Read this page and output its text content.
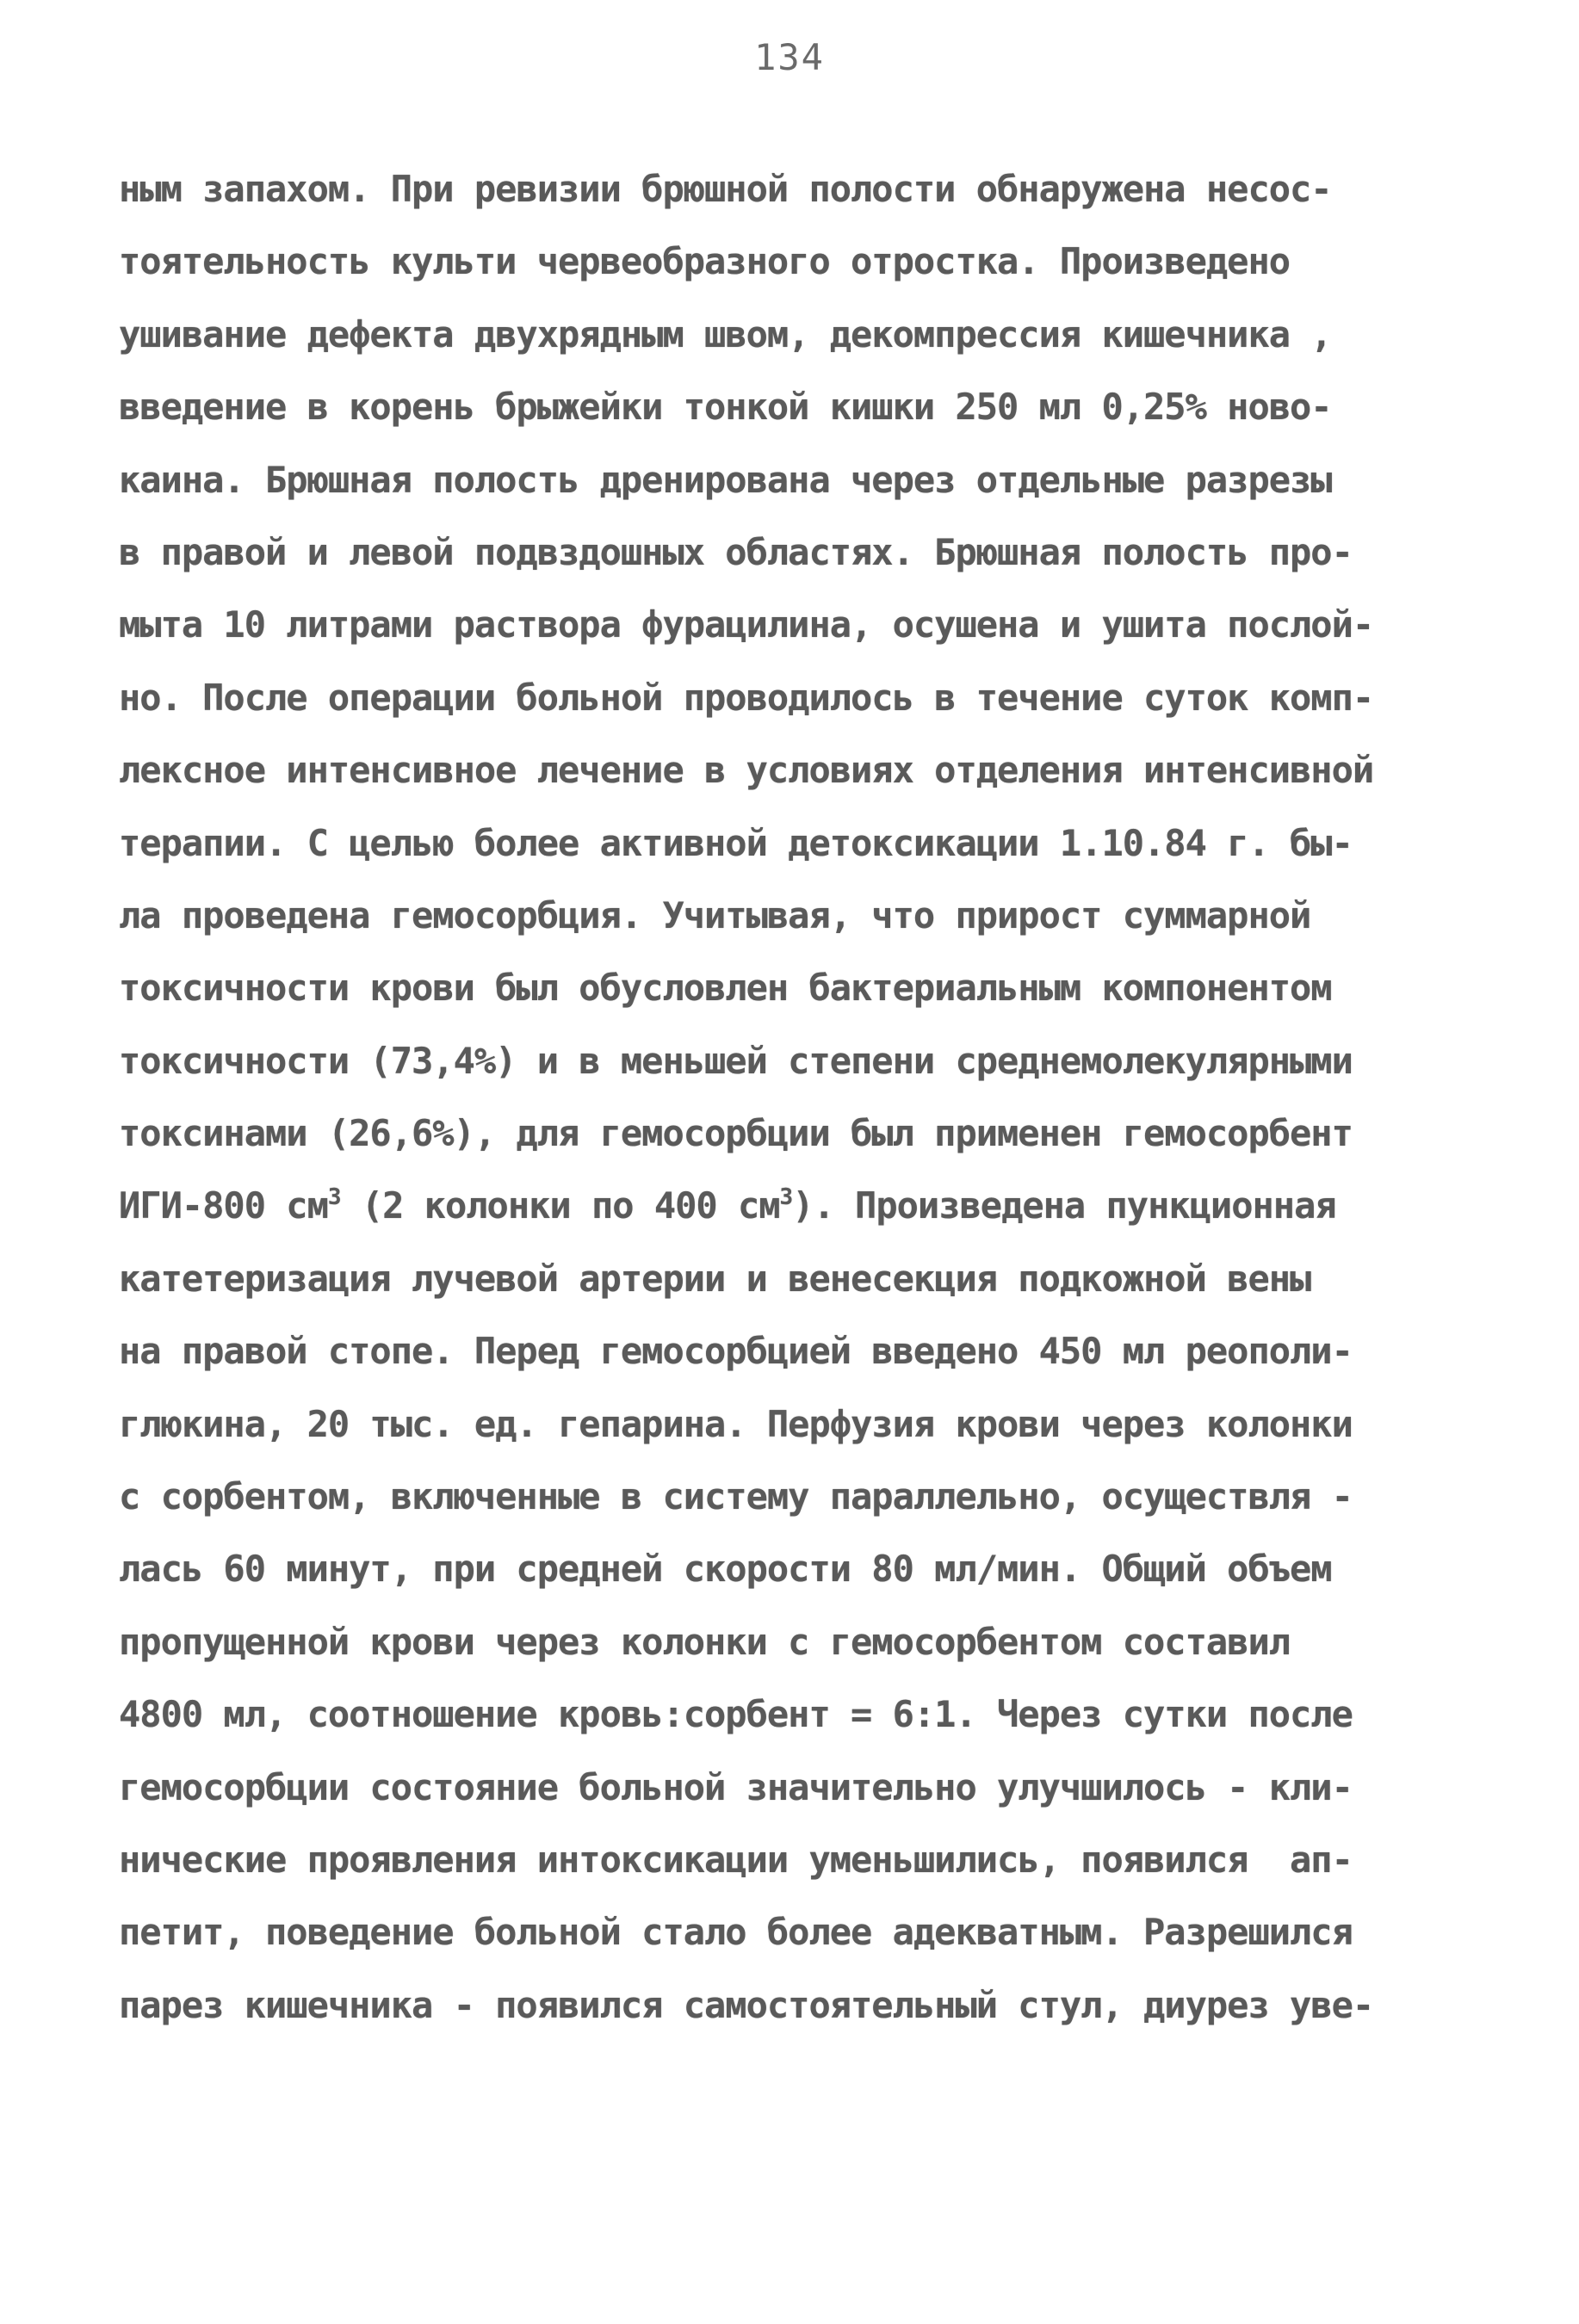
134
ным запахом. При ревизии брюшной полости обнаружена несос-
тоятельность культи червеобразного отростка. Произведено
ушивание дефекта двухрядным швом, декомпрессия кишечника ,
введение в корень брыжейки тонкой кишки 250 мл 0,25% ново-
каина. Брюшная полость дренирована через отдельные разрезы
в правой и левой подвздошных областях. Брюшная полость про-
мыта 10 литрами раствора фурацилина, осушена и ушита послой-
но. После операции больной проводилось в течение суток комп-
лексное интенсивное лечение в условиях отделения интенсивной
терапии. С целью более активной детоксикации 1.10.84 г. бы-
ла проведена гемосорбция. Учитывая, что прирост суммарной
токсичности крови был обусловлен бактериальным компонентом
токсичности (73,4%) и в меньшей степени среднемолекулярными
токсинами (26,6%), для гемосорбции был применен гемосорбент
ИГИ-800 $см^3$ (2 колонки по 400 $см^3$). Произведена пункционная
катетеризация лучевой артерии и венесекция подкожной вены
на правой стопе. Перед гемосорбцией введено 450 мл реополи-
глюкина, 20 тыс. ед. гепарина. Перфузия крови через колонки
с сорбентом, включенные в систему параллельно, осуществля -
лась 60 минут, при средней скорости 80 мл/мин. Общий объем
пропущенной крови через колонки с гемосорбентом составил
4800 мл, соотношение кровь:сорбент = 6:1. Через сутки после
гемосорбции состояние больной значительно улучшилось - кли-
нические проявления интоксикации уменьшились, появился  ап-
петит, поведение больной стало более адекватным. Разрешился
парез кишечника - появился самостоятельный стул, диурез уве-
